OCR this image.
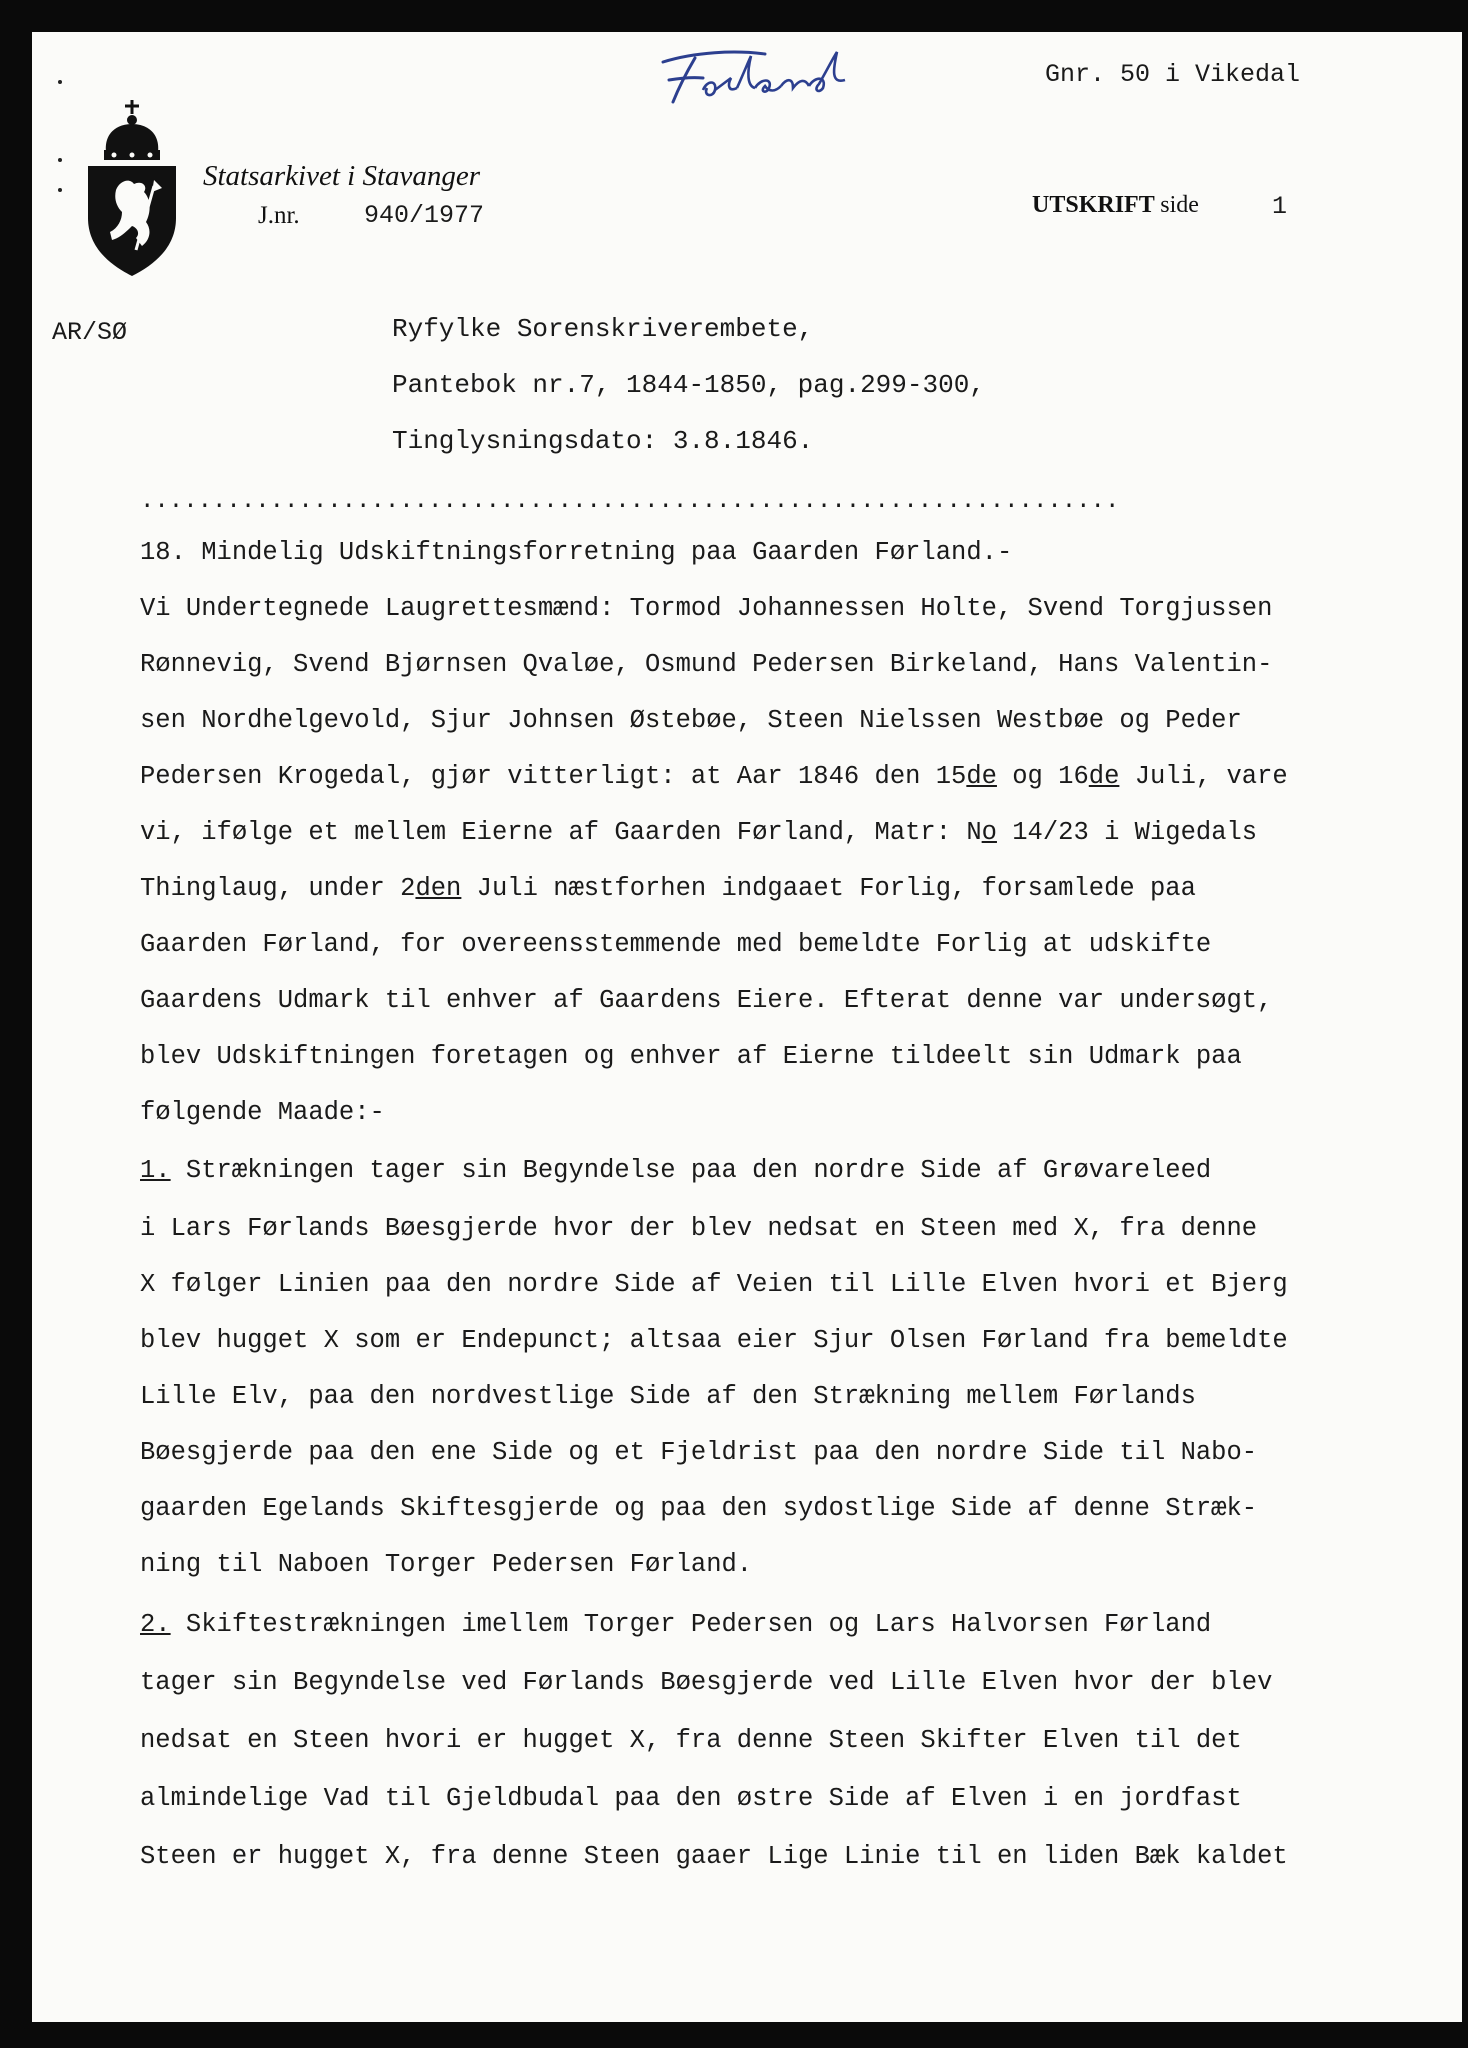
Gnr. 50 i Vikedal
Statsarkivet i Stavanger
J.nr.	940/1977	UTSKRIFT side	1
AR/SØ	Ryfylke Sorenskriverembete,
Pantebok nr.7, 1844-1850, pag.299-300,
Tinglysningsdato: 3.8.1846.
....................................................................
18. Mindelig Udskiftningsforretning paa Gaarden Førland.-
Vi Undertegnede Laugrettesmænd: Tormod Johannessen Holte, Svend Torgjussen
Rønnevig, Svend Bjørnsen Qvaløe, Osmund Pedersen Birkeland, Hans Valentin-
sen Nordhelgevold, Sjur Johnsen Østebøe, Steen Nielssen Westbøe og Peder
Pedersen Krogedal, gjør vitterligt: at Aar 1846 den 15de og 16de Juli, vare
vi, ifølge et mellem Eierne af Gaarden Førland, Matr: No 14/23 i Wigedals
Thinglaug, under 2den Juli næstforhen indgaaet Forlig, forsamlede paa
Gaarden Førland, for overeensstemmende med bemeldte Forlig at udskifte
Gaardens Udmark til enhver af Gaardens Eiere. Efterat denne var undersøgt,
blev Udskiftningen foretagen og enhver af Eierne tildeelt sin Udmark paa
følgende Maade:-
1. Strækningen tager sin Begyndelse paa den nordre Side af Grøvareleed
i Lars Førlands Bøesgjerde hvor der blev nedsat en Steen med X, fra denne
X følger Linien paa den nordre Side af Veien til Lille Elven hvori et Bjerg
blev hugget X som er Endepunct; altsaa eier Sjur Olsen Førland fra bemeldte
Lille Elv, paa den nordvestlige Side af den Strækning mellem Førlands
Bøesgjerde paa den ene Side og et Fjeldrist paa den nordre Side til Nabo-
gaarden Egelands Skiftesgjerde og paa den sydostlige Side af denne Stræk-
ning til Naboen Torger Pedersen Førland.
2. Skiftestrækningen imellem Torger Pedersen og Lars Halvorsen Førland
tager sin Begyndelse ved Førlands Bøesgjerde ved Lille Elven hvor der blev
nedsat en Steen hvori er hugget X, fra denne Steen Skifter Elven til det
almindelige Vad til Gjeldbudal paa den østre Side af Elven i en jordfast
Steen er hugget X, fra denne Steen gaaer Lige Linie til en liden Bæk kaldet
